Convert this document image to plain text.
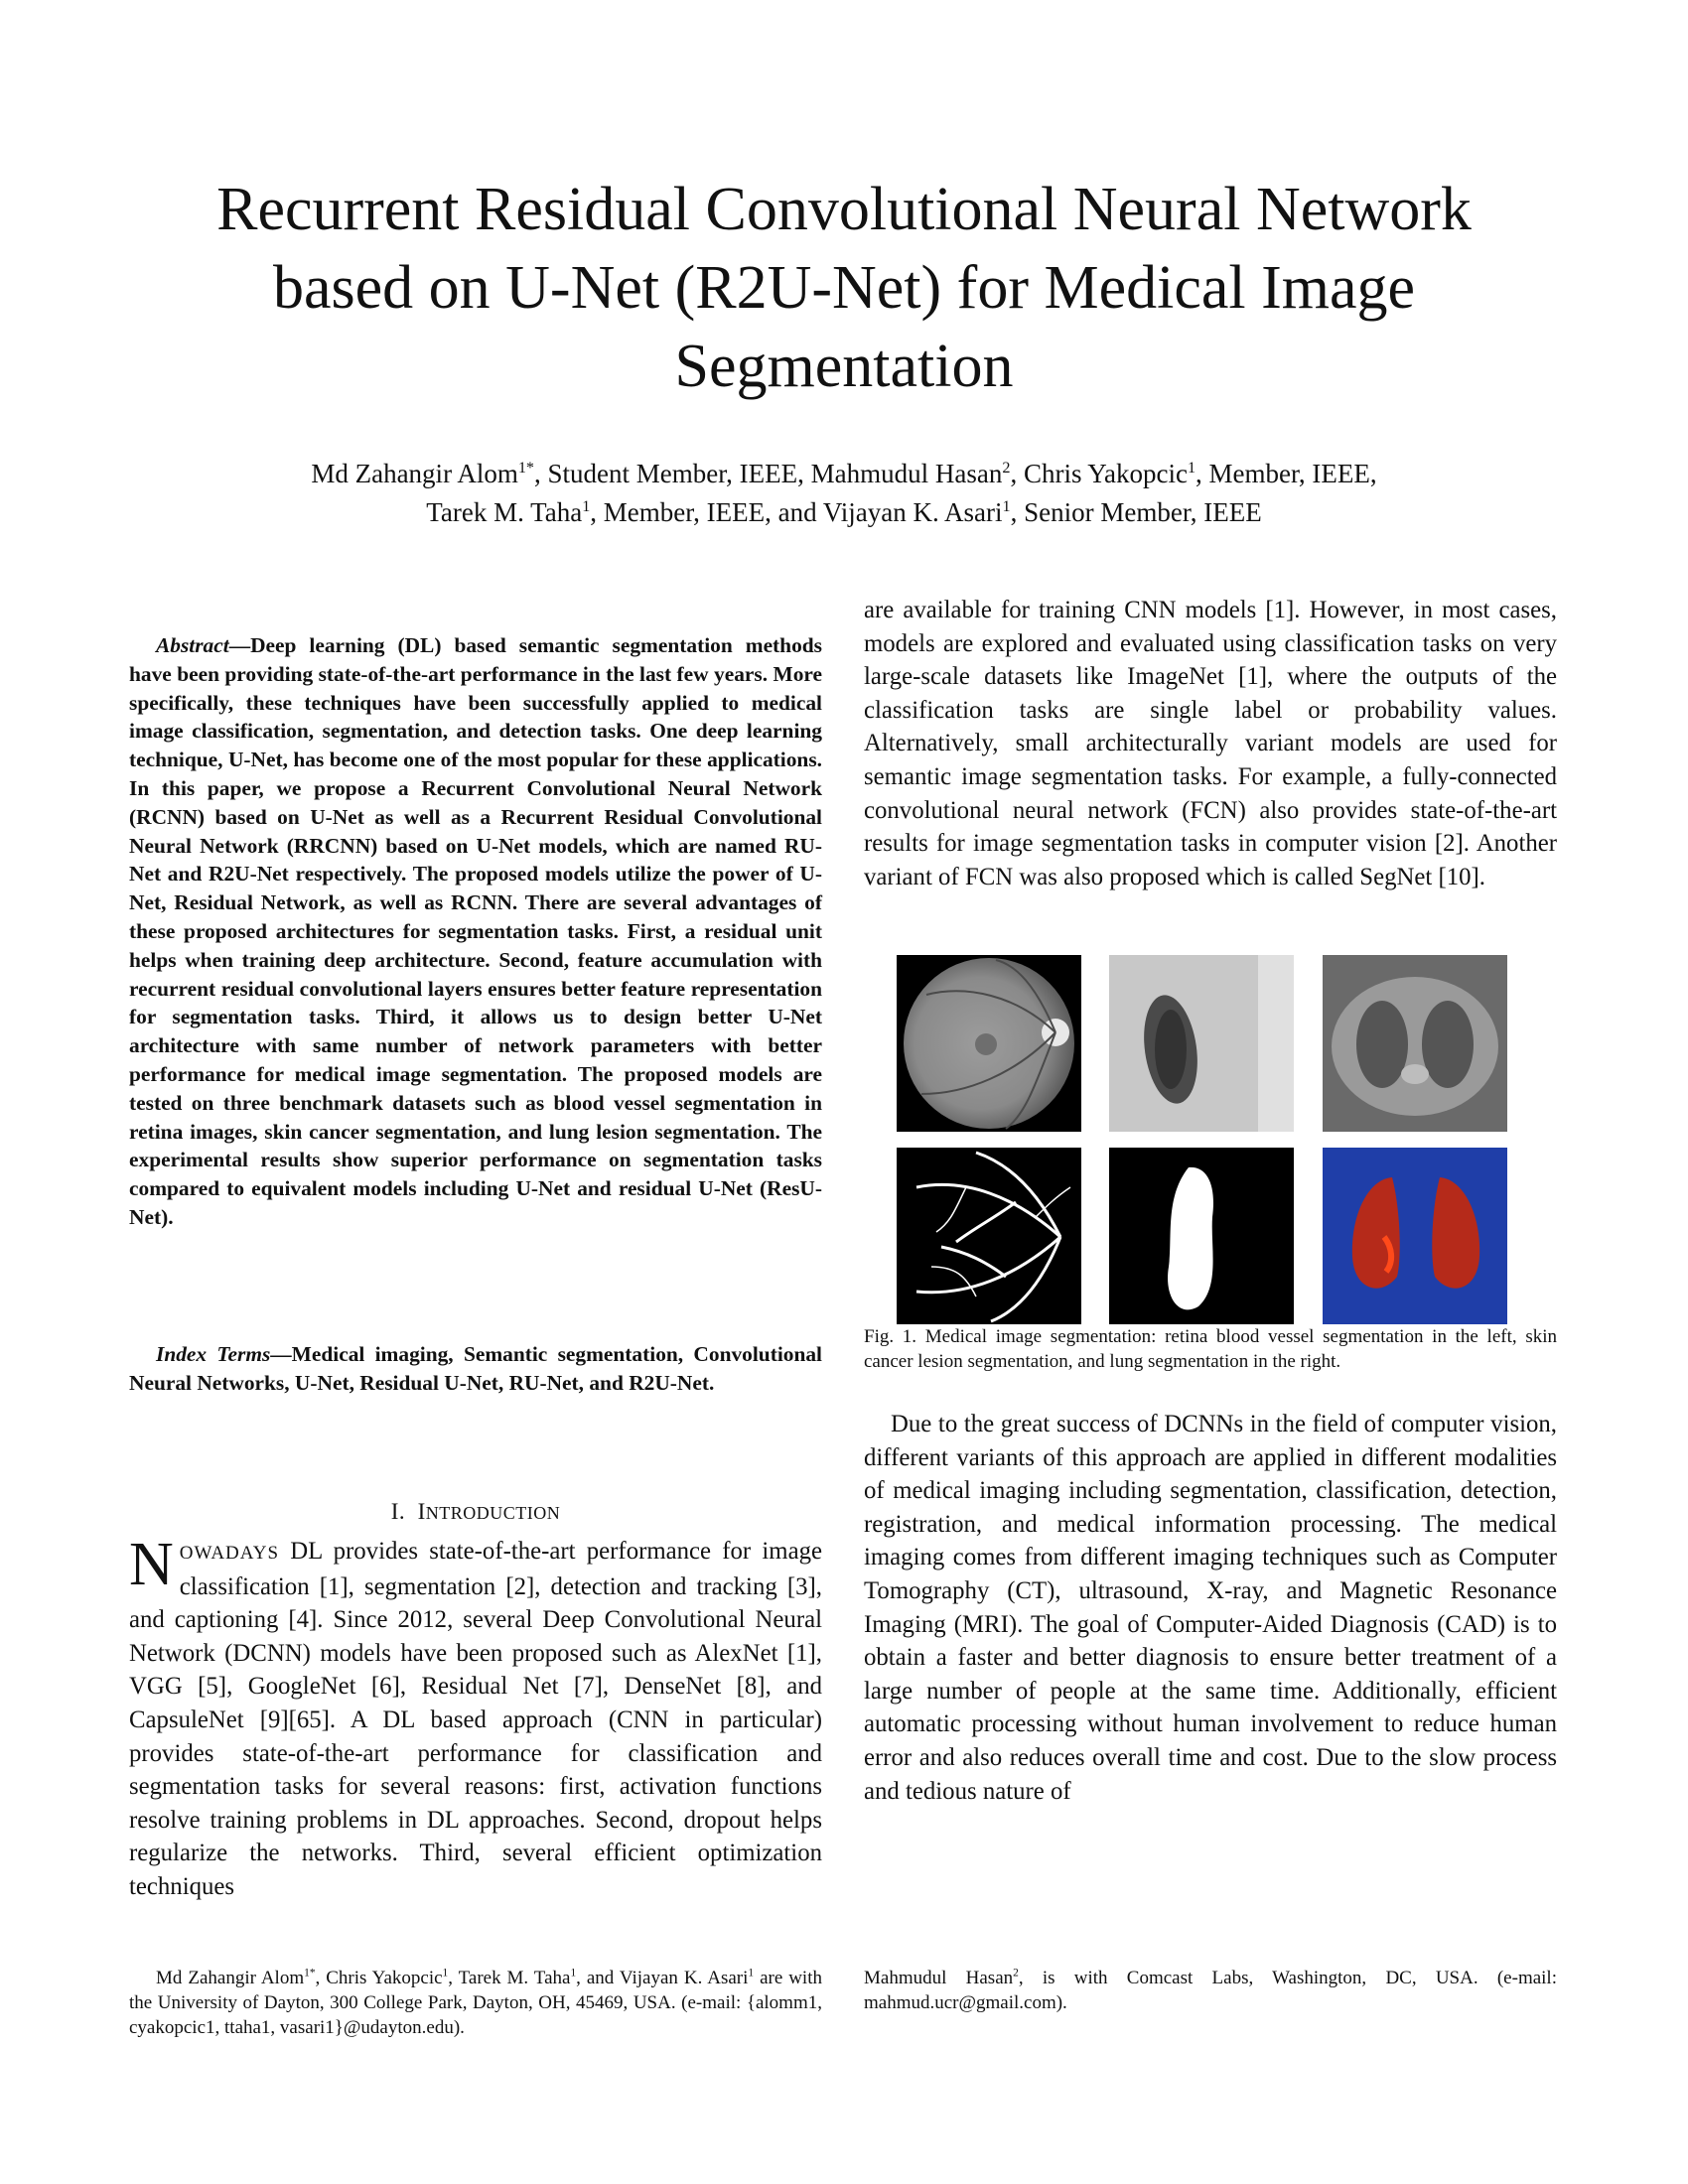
Recurrent Residual Convolutional Neural Network based on U-Net (R2U-Net) for Medical Image Segmentation
Md Zahangir Alom$^{1*}$, Student Member, IEEE, Mahmudul Hasan$^2$, Chris Yakopcic$^1$, Member, IEEE,
Tarek M. Taha$^1$, Member, IEEE, and Vijayan K. Asari$^1$, Senior Member, IEEE

Abstract—Deep learning (DL) based semantic segmentation methods have been providing state-of-the-art performance in the last few years. More specifically, these techniques have been successfully applied to medical image classification, segmentation, and detection tasks. One deep learning technique, U-Net, has become one of the most popular for these applications. In this paper, we propose a Recurrent Convolutional Neural Network (RCNN) based on U-Net as well as a Recurrent Residual Convolutional Neural Network (RRCNN) based on U-Net models, which are named RU-Net and R2U-Net respectively. The proposed models utilize the power of U-Net, Residual Network, as well as RCNN. There are several advantages of these proposed architectures for segmentation tasks. First, a residual unit helps when training deep architecture. Second, feature accumulation with recurrent residual convolutional layers ensures better feature representation for segmentation tasks. Third, it allows us to design better U-Net architecture with same number of network parameters with better performance for medical image segmentation. The proposed models are tested on three benchmark datasets such as blood vessel segmentation in retina images, skin cancer segmentation, and lung lesion segmentation. The experimental results show superior performance on segmentation tasks compared to equivalent models including U-Net and residual U-Net (ResU-Net).

Index Terms—Medical imaging, Semantic segmentation, Convolutional Neural Networks, U-Net, Residual U-Net, RU-Net, and R2U-Net.

I. INTRODUCTION

NOWADAYS DL provides state-of-the-art performance for image classification [1], segmentation [2], detection and tracking [3], and captioning [4]. Since 2012, several Deep Convolutional Neural Network (DCNN) models have been proposed such as AlexNet [1], VGG [5], GoogleNet [6], Residual Net [7], DenseNet [8], and CapsuleNet [9][65]. A DL based approach (CNN in particular) provides state-of-the-art performance for classification and segmentation tasks for several reasons: first, activation functions resolve training problems in DL approaches. Second, dropout helps regularize the networks. Third, several efficient optimization techniques

are available for training CNN models [1]. However, in most cases, models are explored and evaluated using classification tasks on very large-scale datasets like ImageNet [1], where the outputs of the classification tasks are single label or probability values. Alternatively, small architecturally variant models are used for semantic image segmentation tasks. For example, a fully-connected convolutional neural network (FCN) also provides state-of-the-art results for image segmentation tasks in computer vision [2]. Another variant of FCN was also proposed which is called SegNet [10].

Fig. 1. Medical image segmentation: retina blood vessel segmentation in the left, skin cancer lesion segmentation, and lung segmentation in the right.

Due to the great success of DCNNs in the field of computer vision, different variants of this approach are applied in different modalities of medical imaging including segmentation, classification, detection, registration, and medical information processing. The medical imaging comes from different imaging techniques such as Computer Tomography (CT), ultrasound, X-ray, and Magnetic Resonance Imaging (MRI). The goal of Computer-Aided Diagnosis (CAD) is to obtain a faster and better diagnosis to ensure better treatment of a large number of people at the same time. Additionally, efficient automatic processing without human involvement to reduce human error and also reduces overall time and cost. Due to the slow process and tedious nature of

Md Zahangir Alom$^{1*}$, Chris Yakopcic$^1$, Tarek M. Taha$^1$, and Vijayan K. Asari$^1$ are with the University of Dayton, 300 College Park, Dayton, OH, 45469, USA. (e-mail: {alomm1, cyakopcic1, ttaha1, vasari1}@udayton.edu).

Mahmudul Hasan$^2$, is with Comcast Labs, Washington, DC, USA. (e-mail: mahmud.ucr@gmail.com).
